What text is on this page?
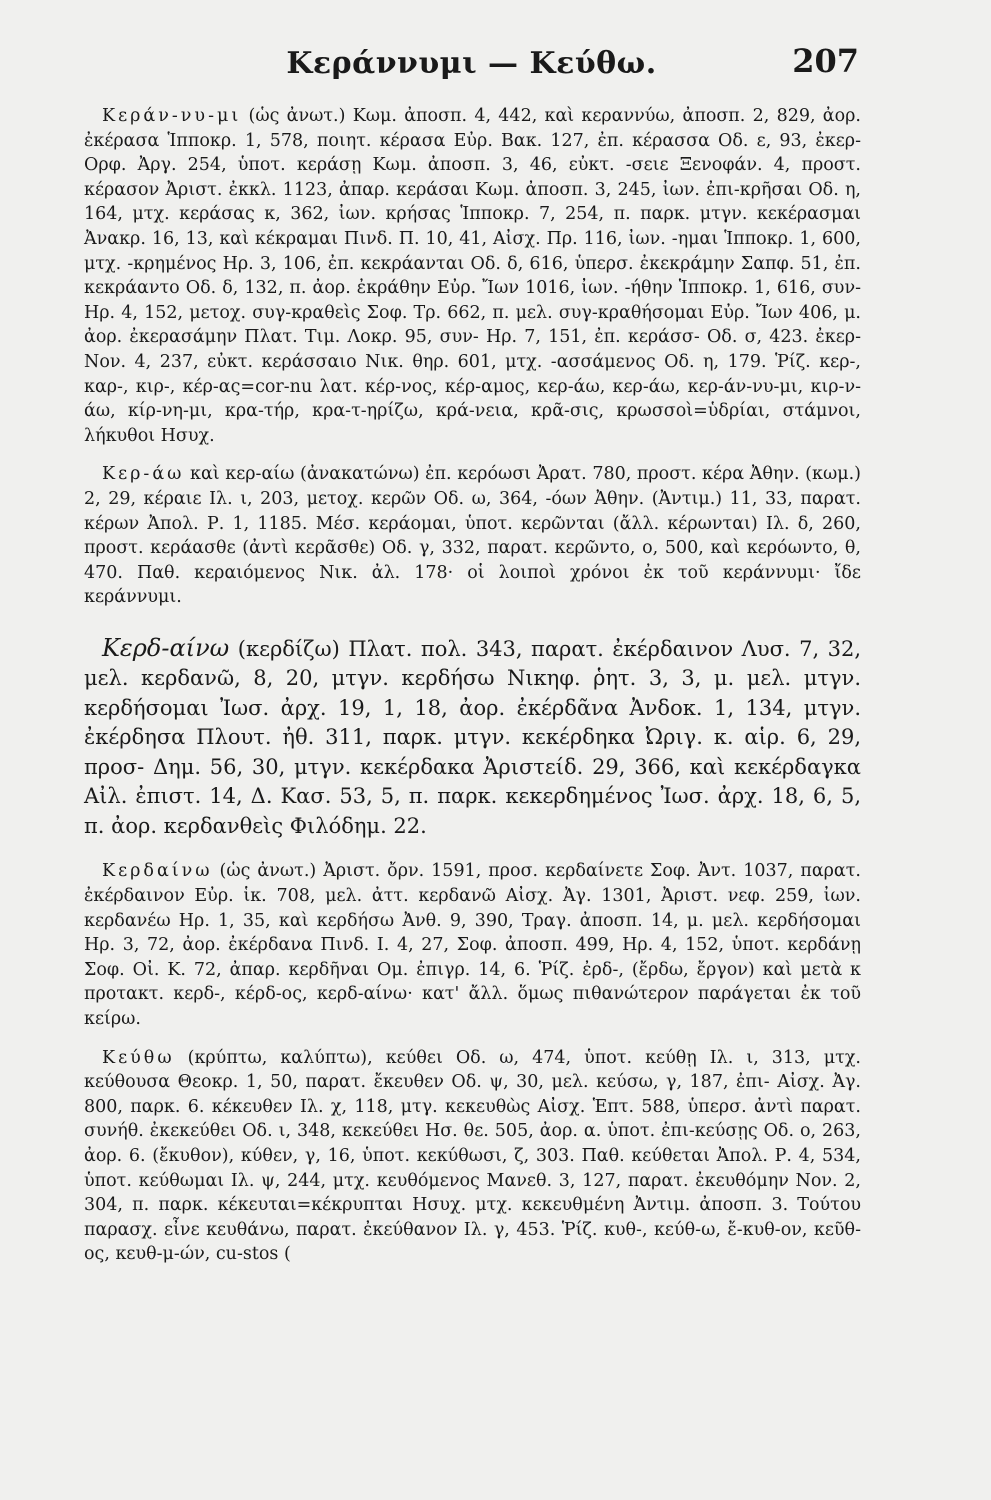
Κεράννυμι — Κεύθω.	207

Κεράν-νυ-μι (ὡς ἀνωτ.) Κωμ. ἀποσπ. 4, 442, καὶ κεραννύω, ἀποσπ. 2, 829, ἀορ. ἐκέρασα Ἱπποκρ. 1, 578, ποιητ. κέρασα Εὐρ. Βακ. 127, ἐπ. κέρασσα Οδ. ε, 93, ἐκερ- Ορφ. Ἀργ. 254, ὑποτ. κεράσῃ Κωμ. ἀποσπ. 3, 46, εὐκτ. -σειε Ξενοφάν. 4, προστ. κέρασον Ἀριστ. ἐκκλ. 1123, ἀπαρ. κεράσαι Κωμ. ἀποσπ. 3, 245, ἰων. ἐπι-κρῆσαι Οδ. η, 164, μτχ. κεράσας κ, 362, ἰων. κρήσας Ἱπποκρ. 7, 254, π. παρκ. μτγν. κεκέρασμαι Ἀνακρ. 16, 13, καὶ κέκραμαι Πινδ. Π. 10, 41, Αἰσχ. Πρ. 116, ἰων. -ημαι Ἱπποκρ. 1, 600, μτχ. -κρημένος Ηρ. 3, 106, ἐπ. κεκράανται Οδ. δ, 616, ὑπερσ. ἐκεκράμην Σαπφ. 51, ἐπ. κεκράαντο Οδ. δ, 132, π. ἀορ. ἐκράθην Εὐρ. Ἴων 1016, ἰων. -ήθην Ἱπποκρ. 1, 616, συν- Ηρ. 4, 152, μετοχ. συγ-κραθεὶς Σοφ. Τρ. 662, π. μελ. συγ-κραθήσομαι Εὐρ. Ἴων 406, μ. ἀορ. ἐκερασάμην Πλατ. Τιμ. Λοκρ. 95, συν- Ηρ. 7, 151, ἐπ. κεράσσ- Οδ. σ, 423. ἐκερ- Νον. 4, 237, εὐκτ. κεράσσαιο Νικ. θηρ. 601, μτχ. -ασσάμενος Οδ. η, 179. Ῥίζ. κερ-, καρ-, κιρ-, κέρ-ας=cor-nu λατ. κέρ-νος, κέρ-αμος, κερ-άω, κερ-άω, κερ-άν-νυ-μι, κιρ-ν-άω, κίρ-νη-μι, κρα-τήρ, κρα-τ-ηρίζω, κρά-νεια, κρᾶ-σις, κρωσσοὶ=ὑδρίαι, στάμνοι, λήκυθοι Ησυχ.

Κερ-άω καὶ κερ-αίω (ἀνακατώνω) ἐπ. κερόωσι Ἀρατ. 780, προστ. κέρα Ἀθην. (κωμ.) 2, 29, κέραιε Ιλ. ι, 203, μετοχ. κερῶν Οδ. ω, 364, -όων Ἀθην. (Ἀντιμ.) 11, 33, παρατ. κέρων Ἀπολ. Ρ. 1, 1185. Μέσ. κεράομαι, ὑποτ. κερῶνται (ἄλλ. κέρωνται) Ιλ. δ, 260, προστ. κεράασθε (ἀντὶ κερᾶσθε) Οδ. γ, 332, παρατ. κερῶντο, ο, 500, καὶ κερόωντο, θ, 470. Παθ. κεραιόμενος Νικ. ἀλ. 178· οἱ λοιποὶ χρόνοι ἐκ τοῦ κεράννυμι· ἴδε κεράννυμι.

Κερδ-αίνω (κερδίζω) Πλατ. πολ. 343, παρατ. ἐκέρδαινον Λυσ. 7, 32, μελ. κερδανῶ, 8, 20, μτγν. κερδήσω Νικηφ. ῥητ. 3, 3, μ. μελ. μτγν. κερδήσομαι Ἰωσ. ἀρχ. 19, 1, 18, ἀορ. ἐκέρδᾶνα Ἀνδοκ. 1, 134, μτγν. ἐκέρδησα Πλουτ. ἠθ. 311, παρκ. μτγν. κεκέρδηκα Ὠριγ. κ. αἱρ. 6, 29, προσ- Δημ. 56, 30, μτγν. κεκέρδακα Ἀριστείδ. 29, 366, καὶ κεκέρδαγκα Αἰλ. ἐπιστ. 14, Δ. Κασ. 53, 5, π. παρκ. κεκερδημένος Ἰωσ. ἀρχ. 18, 6, 5, π. ἀορ. κερδανθεὶς Φιλόδημ. 22.

Κερδαίνω (ὡς ἀνωτ.) Ἀριστ. ὄρν. 1591, προσ. κερδαίνετε Σοφ. Ἀντ. 1037, παρατ. ἐκέρδαινον Εὐρ. ἱκ. 708, μελ. ἀττ. κερδανῶ Αἰσχ. Ἀγ. 1301, Ἀριστ. νεφ. 259, ἰων. κερδανέω Ηρ. 1, 35, καὶ κερδήσω Ἀνθ. 9, 390, Τραγ. ἀποσπ. 14, μ. μελ. κερδήσομαι Ηρ. 3, 72, ἀορ. ἐκέρδανα Πινδ. Ι. 4, 27, Σοφ. ἀποσπ. 499, Ηρ. 4, 152, ὑποτ. κερδάνῃ Σοφ. Οἰ. Κ. 72, ἀπαρ. κερδῆναι Ομ. ἐπιγρ. 14, 6. Ῥίζ. ἐρδ-, (ἔρδω, ἔργον) καὶ μετὰ κ προτακτ. κερδ-, κέρδ-ος, κερδ-αίνω· κατ' ἄλλ. ὅμως πιθανώτερον παράγεται ἐκ τοῦ κείρω.

Κεύθω (κρύπτω, καλύπτω), κεύθει Οδ. ω, 474, ὑποτ. κεύθῃ Ιλ. ι, 313, μτχ. κεύθουσα Θεοκρ. 1, 50, παρατ. ἔκευθεν Οδ. ψ, 30, μελ. κεύσω, γ, 187, ἐπι- Αἰσχ. Ἀγ. 800, παρκ. 6. κέκευθεν Ιλ. χ, 118, μτγ. κεκευθὼς Αἰσχ. Ἑπτ. 588, ὑπερσ. ἀντὶ παρατ. συνήθ. ἐκεκεύθει Οδ. ι, 348, κεκεύθει Ησ. θε. 505, ἀορ. α. ὑποτ. ἐπι-κεύσῃς Οδ. ο, 263, ἀορ. 6. (ἔκυθον), κύθεν, γ, 16, ὑποτ. κεκύθωσι, ζ, 303. Παθ. κεύθεται Ἀπολ. Ρ. 4, 534, ὑποτ. κεύθωμαι Ιλ. ψ, 244, μτχ. κευθόμενος Μανεθ. 3, 127, παρατ. ἐκευθόμην Νον. 2, 304, π. παρκ. κέκευται=κέκρυπται Ησυχ. μτχ. κεκευθμένη Ἀντιμ. ἀποσπ. 3. Τούτου παρασχ. εἶνε κευθάνω, παρατ. ἐκεύθανον Ιλ. γ, 453. Ῥίζ. κυθ-, κεύθ-ω, ἔ-κυθ-ον, κεῦθ-ος, κευθ-μ-ών, cu-stos (
